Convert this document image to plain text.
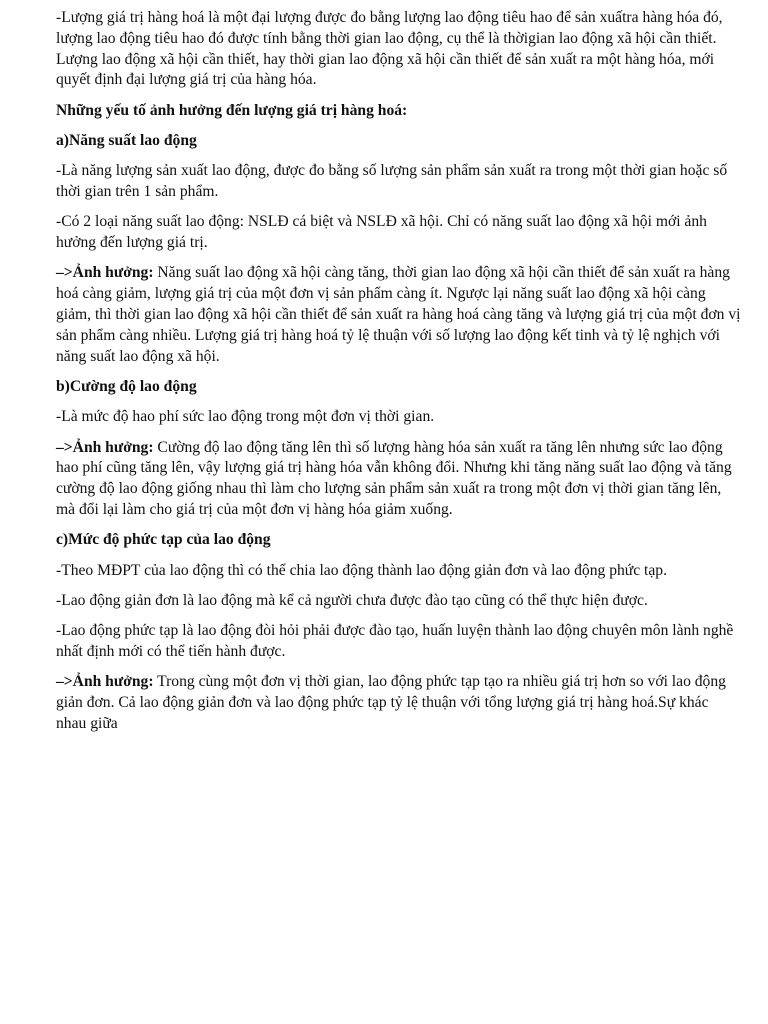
-Lượng giá trị hàng hoá là một đại lượng được đo bằng lượng lao động tiêu hao để sản xuấtra hàng hóa đó, lượng lao động tiêu hao đó được tính bằng thời gian lao động, cụ thể là thờigian lao động xã hội cần thiết. Lượng lao động xã hội cần thiết, hay thời gian lao động xã hội cần thiết để sản xuất ra một hàng hóa, mới quyết định đại lượng giá trị của hàng hóa.

Những yếu tố ảnh hưởng đến lượng giá trị hàng hoá:
a)Năng suất lao động

-Là năng lượng sản xuất lao động, được đo bằng số lượng sản phẩm sản xuất ra trong một thời gian hoặc số thời gian trên 1 sản phẩm.

-Có 2 loại năng suất lao động: NSLĐ cá biệt và NSLĐ xã hội. Chỉ có năng suất lao động xã hội mới ảnh hưởng đến lượng giá trị.

–>Ảnh hưởng: Năng suất lao động xã hội càng tăng, thời gian lao động xã hội cần thiết để sản xuất ra hàng hoá càng giảm, lượng giá trị của một đơn vị sản phẩm càng ít. Ngược lại năng suất lao động xã hội càng giảm, thì thời gian lao động xã hội cần thiết để sản xuất ra hàng hoá càng tăng và lượng giá trị của một đơn vị sản phẩm càng nhiều. Lượng giá trị hàng hoá tỷ lệ thuận với số lượng lao động kết tinh và tỷ lệ nghịch với năng suất lao động xã hội.

b)Cường độ lao động

-Là mức độ hao phí sức lao động trong một đơn vị thời gian.

–>Ảnh hưởng: Cường độ lao động tăng lên thì số lượng hàng hóa sản xuất ra tăng lên nhưng sức lao động hao phí cũng tăng lên, vậy lượng giá trị hàng hóa vẫn không đổi. Nhưng khi tăng năng suất lao động và tăng cường độ lao động giống nhau thì làm cho lượng sản phẩm sản xuất ra trong một đơn vị thời gian tăng lên, mà đổi lại làm cho giá trị của một đơn vị hàng hóa giảm xuống.

c)Mức độ phức tạp của lao động

-Theo MĐPT của lao động thì có thể chia lao động thành lao động giản đơn và lao động phức tạp.

-Lao động giản đơn là lao động mà kể cả người chưa được đào tạo cũng có thể thực hiện được.

-Lao động phức tạp là lao động đòi hỏi phải được đào tạo, huấn luyện thành lao động chuyên môn lành nghề nhất định mới có thể tiến hành được.

–>Ảnh hưởng: Trong cùng một đơn vị thời gian, lao động phức tạp tạo ra nhiều giá trị hơn so với lao động giản đơn. Cả lao động giản đơn và lao động phức tạp tỷ lệ thuận với tổng lượng giá trị hàng hoá.Sự khác nhau giữa
